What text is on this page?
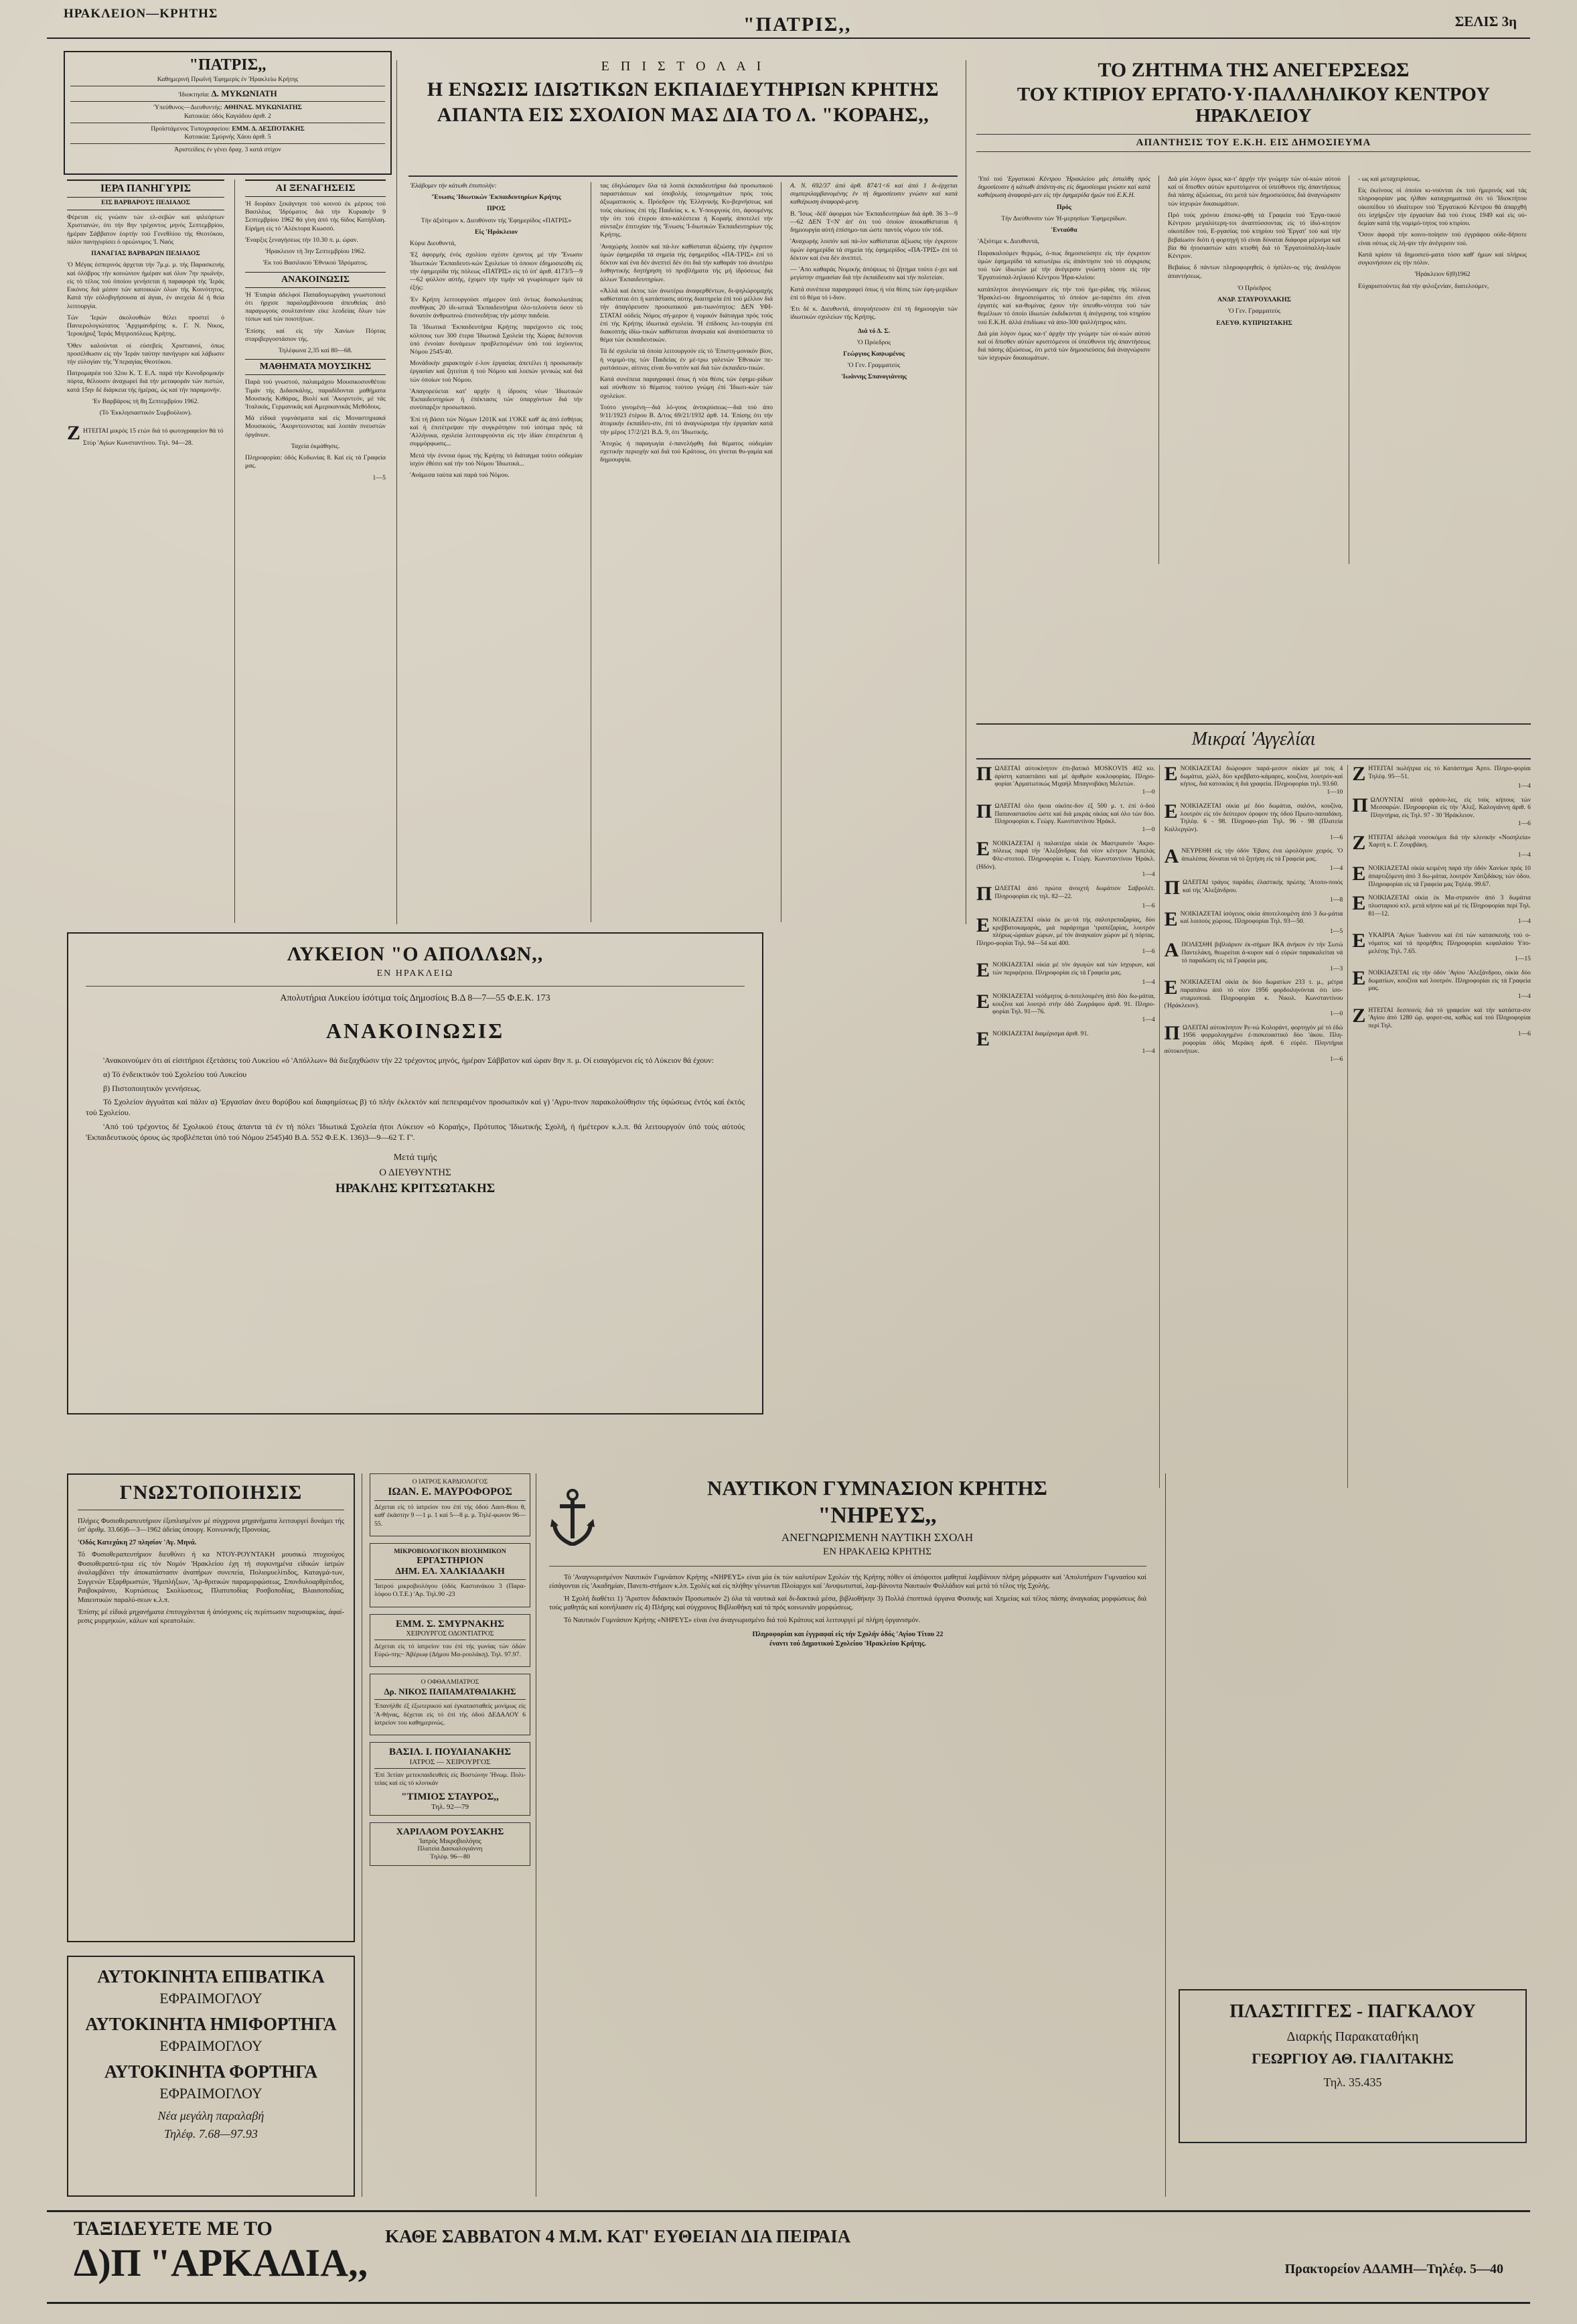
ΗΡΑΚΛΕΙΟΝ—ΚΡΗΤΗΣ	"ΠΑΤΡΙΣ,,	ΣΕΛΙΣ 3η
"ΠΑΤΡΙΣ,,
Καθημερινή Πρωϊνή 'Εφημερίς έν 'Ηρακλείω Κρήτης
'Ιδιοκτησία: Δ. ΜΥΚΩΝΙΑΤΗ
'Υπεύθυνος—Διευθυντής: ΑΘΗΝΑΣ. ΜΥΚΩΝΙΑΤΗΣ
Κατοικία: όδός Καγιάδου άριθ. 2
Προϊστάμενος Τυπογραφείου: ΕΜΜ. Δ. ΔΕΣΠΟΤΑΚΗΣ
Κατοικία: Σμύρνής Χάου άριθ. 5
Άριστείδεις ἐν γένει δραχ. 3 κατά στίχον
ΙΕΡΑ ΠΑΝΗΓΥΡΙΣ
ΕΙΣ ΒΑΡΒΑΡΟΥΣ ΠΕΔΙΑΔΟΣ

Φέρεται είς γνώσιν τών ελ-σεβών καί φιλεόρτων Χριστιανών, ότι τήν 8ην τρέχοντος μηνός Σεπτεμβρίου, ήμέραν Σάββατον έορτήν τού Γενεθλίου τής Θεοτόκου, πάλιν πανηγυρίσει ό ορεώνυμος 'Ι. Ναός

ΠΑΝΑΓΙΑΣ ΒΑΡΒΑΡΩΝ ΠΕΔΙΑΔΟΣ

'Ο Μέγας έσπερινός άρχεται τήν 7μ.μ. μ. τής Παρασκευής καί όλόβρος τήν κοινώνιον ήμέραν καί όλον 7ην πρωϊνήν, είς τό τέλος τού όποίου γενήσεται ή παραφορά τής 'Ιεράς Εικόνος διά μέσον τών κατοικιών όλων τής Κοινότητος. Κατά τήν εόλοβιγήσουσα αί άγιαι, έν ανεχεία δέ ή θεία λειτουργία.

Τών 'Ιερών άκολουθιών θέλει προστεί ό Πανιερολογιώτατος 'Αρχιμανδρίτης κ. Γ. Ν. Νικος, 'Ιεροκήρυξ 'Ιεράς Μητροπόλεως Κρήτης.

'Όθεν καλούνται οί εύσεβείς Χριστιανοί, όπως προσέλθωσιν είς τήν 'Ιεράν ταύτην πανήγυριν καί λάβωσιν τήν εύλογίαν τής 'Υπεραγίας Θεοτόκου.

Πατρομαρέα τού 32ου Κ. Τ. Ε.Λ. παρά τήν Κυνοδρομικήν πόρτα, θέλουσιν άναχωρεί διά τήν μεταφοράν τών πιστών, κατά 15ην δέ διάρκεια τής ήμέρας, ώς καί τήν παραμονήν.

'Εν Βαρβάροις τή 8η Σεπτεμβρίου 1962.

(Τό 'Εκκλησιαστικόν Συμβούλιον).

Z ΗΤΕΙΤΑΙ μικρός 15 ετών διά τό φωτογραφείον θά τό Στύρ 'Αγίων Κωνσταντίνου. Τηλ. 94—28.
ΑΙ ΞΕΝΑΓΗΣΕΙΣ

'Η διοράκν ξεκάγνησε τού κοινού έκ μέρους τού Βασιλέως 'Ιδρύματος διά τήν Κυριακήν 9 Σεπτεμβρίου 1962 θά γίνη άπό τής 6ίδος Κατήδλαη. Είρήμη είς τό 'Αλέκτορα Κιωσσό.

'Εναρξις ξεναγήσεως τήν 10.30 π. μ. ώραν.

'Ηρακλειον τή 3ην Σεπτεμβρίου 1962.

'Εκ τού Βασιλικού 'Εθνικού 'Ιδρύματος.

ΑΝΑΚΟΙΝΩΣΙΣ

'Η 'Εταιρία άδελφοί Παπαδογιωργάκη γνωστοποιεί ότι ήρχισε παραλαμβάνουσα άπευθείας άπό παραγωγούς σουλτανίναν είκε λεοδείας ὅλων τών τύπων καί τών ποιοτήτων.

'Επίσης καί είς τήν Χανίων Πόρτας σταριβεργοστάσιον τής.

Τηλέφωνα 2,35 καί 80—68.

ΜΑΘΗΜΑΤΑ ΜΟΥΣΙΚΗΣ

Παρά τού γνωστού, παλαιμάχου Μουσικοσυνθέτου Τιμάν τής Διδασκάλης, παραδίδονται μαθήματα Μουσικής Κιθάρας, Βιολί καί 'Ακορντεόν, μέ τάς 'Ιταλικάς, Γερμανικάς καί Αμερικανικάς Μεθόδους.

Μά είδικά γυμνάσματα καί είς Μοναστηριακά Μουσικούς, 'Ακορντεονιστας καί λοιπάν πνευστών όργάνων.

Ταχεία έκμάθησις.

Πληροφορίαι: όδός Κυδωνίας 8. Καί είς τά Γραφεία μας.

1—5

Ε Π Ι Σ Τ Ο Λ Α Ι
Η ΕΝΩΣΙΣ ΙΔΙΩΤΙΚΩΝ ΕΚΠΑΙΔΕΥΤΗΡΙΩΝ ΚΡΗΤΗΣ
ΑΠΑΝΤΑ ΕΙΣ ΣΧΟΛΙΟΝ ΜΑΣ ΔΙΑ ΤΟ Λ. "ΚΟΡΑΗΣ,,

'Ελάβομεν τήν κάτωθι έπιστολήν:

'Ένωσις 'Ιδιωτικών 'Εκπαιδευτηρίων Κρήτης

ΠΡΟΣ

Τήν άξιότιμον κ. Διευθύνσιν τής 'Εφημερίδος «ΠΑΤΡΙΣ»

Είς 'Ηράκλειον

Κύριε Διευθυντά,

'Εξ άφορμής ένός σχολίου σχέσιν έχοντος μέ τήν 'Ένωσιν 'Ιδιωτικών 'Εκπαιδευτι-κών Σχολείων τό όποιον έδημοσιεύθη είς τήν έφημερίδα τής πόλεως «ΠΑΤΡΙΣ» είς τό ύπ' άριθ. 4173/5—9—62 φύλλον αύτής, έχομεν τήν τιμήν νά γνωρίσωμεν ύμίν τά έξής:

'Εν Κρήτη λειτουργούσι σήμερον ύπό όντως δυσκολωτάτας συνθήκας 20 ίδι-ωτικά 'Εκπαιδευτήρια όλο-τελούντα όσον τό δυνατόν άνθρωπινώ έπισινεδήτας τήν μέσην παιδεία.

Τά 'Ιδιωτικά 'Εκπαιδευτήρια Κρήτης παρείχοντο είς τούς κόλπους των 300 έτερα 'Ιδιωτικά Σχολεία τής Χώρας διέπονται ύπό έννοίαν δυνάμεων προβλεπομένων ύπό τού ίσχύοντος Νόμου 2545/40.

Μονάδικήν χαρακτηρίν έ-λον έργασίας άπετέλει ή προσωπικήν έργασίαν καί ζητείται ή τού Νόμου καί λοιπών γενικώς καί διά τών όποίων τού Νόμου.

'Απαγορεύεται κατ' αρχήν ή ίδρυσις νέων 'Ιδιωτικών 'Εκπαιδευτηρίων ή έπέκτασις τών ύπαρχόντων διά τήν συνύπαρξιν προσωπικού.

'Επί τή βάσει τών Νόμων 1201Κ καί 1'ΟΚΕ καθ' άς άπό έσθήτας καί ή έπιτέτρεψαν τήν συγκρότησιν τού ίσότιμα πρός τά 'Αλλήνικα, σχολεία λειτουργούντα είς τήν ίδίαν έπιτρέπεται ή συμμόρφωσις...

Μετά τήν έννοια όμως τής Κρήτης τό διάταγμα τούτο ούδεμίαν ίσχύν έθέσει καί τήν τού Νόμου 'Ιδιωτικά...

'Ανάμεσα ταύτα καί παρά τού Νόμου.

τας έδηλώσαμεν ὅλα τά λοιπά έκπαιδευτήρια διά προσωπικού παραστάσεων καί ύποβολής ύπομνημάτων πρός τούς άξιωματικούς κ. Πρόεδρον τής Έλληνικής Κυ-βερνήσεως καί τούς οίκείους έπί τής Παιδείας κ. κ. Υ-πουργούς ότι, άφουμένης τήν ότι τού έτερου άπο-καλέστεια ή Κοραής άποτελεί τήν σύνταξιν έπιτυχίαν τής 'Ένωσις 'Ι-διωτικών Έκπαιδευτηρίων τής Κρήτης.

'Αναχώρής λοιπόν καί πά-λιν καθίσταται άξιώσης τήν έγκριτον ύμών έφημερίδα τά σημεία τής έφημερίδος «ΠΑ-ΤΡΙΣ» έπί τό δέκτον καί ένα δέν άνεπτεί δέν ότι διά τήν καθαράν τού άνωτέρω λυθηντικής διητήρηση τό προβλήματα τής μή ίδρύσεως διά άλλων 'Εκπαιδευτηρίων.

«Άλλά καί έκτος τών άνωτέρω άναφερθέντων, δι-ψηλώρομαχής καθίσταται ότι ή κατάστασις αύτης διαιτηρεία έπί τού μέλλον διά τήν άπαγόρευσιν προσωπικού μαι-τιωνότητος: ΔΕΝ ΥΦΙ-ΣΤΑΤΑΙ ούδείς Νόμος σή-μερον ή νομικόν διάταγμα πρός τούς έπί τής Κρήτης ίδιωτικά σχολεία. 'Η έπίδοσις λει-τουργία έπί διακοπτής ίδίω-τικών καθίσταται ἀναγκαία καί άναπόσπαστα τό θέμα τών έκπαιδευτικών.

Τά δέ σχολεία τά όποία λειτουργούν είς τό 'Επιστη-μονικόν βίον, ἡ νομιμό-της τών Παιδείας έν μέ-τρω γαλενών 'Εθνικών πε-ριστάσεων, αίτινες είναι δυ-νατόν καί διά τών έκπαιδευ-τικών.

Κατά συνέπεια παραγραφεί όπως ή νέα θέσις τών έφημε-ρίδων καί σύνθεσιν τό θέματος τούτου γνώμη έπί 'Ιδιωτι-κών τών σχολείων.

Τούτο γινομένη—διά λό-γους άντικρύσεως—διά τού άπο 9/11/1923 έτέρου Β. Δ/τος 69/21/1932 άρθ. 14. 'Επίσης ότι τήν άτομικήν έκπαίδευ-σιν, έπί τό άναγνώρισμα τήν έργασίαν κατά τήν μέρος 17/2/)21 Β.Δ. 9, ότι 'Ιδιωτικής.

'Ατυχώς ή παραγωγία έ-πανελήφθη διά θέματος ούδεμίαν σχετικήν περιοχήν καί διά τού Κράτους, ότι γίνεται θυ-γαμία καί δημιουργία.

Α. Ν. 692/37 άπό άρθ. 874/1<6 καί άπό 1 δι-έρχεται συμπεριλαμβανομένης έν τή δημοσίευσιν γνώσιν καί κατά καθιέρωση άναφορά-μενη.

Β. 'Ίσως -δέδ' άφορμαι τών 'Εκπαιδευτηρίων διά άρθ. 36 3—9—62 ΔΕΝ Τ<Ν' άπ' ότι τού όποίον άποκαθίσταται ή δημιουργία αύτή έπίσημο-ται ώστε παντός νόμου τόν τόδ.

'Αναχωρής λοιπόν καί πά-λιν καθίσταται άξίωσις τήν έγκριτον ύμών έφημερίδα τά σημεία τής έφημερίδος «ΠΑ-ΤΡΙΣ» έπί τό δέκτον καί ένα δέν άνεπτεί.

— 'Απο καθαράς Νομικής άπόψεως τό ζήτημα τούτο έ-χει καί μεγίστην σημασίαν διά τήν έκπαίδευσιν καί τήν πολιτείαν.

Κατά συνέπεια παραγραφεί όπως ή νέα θέσις τών έφη-μερίδων έπί τό θέμα τό ί-διον.

'Ετι δέ κ. Διευθυντά, άπογοήτευσιν έπί τή δημιουργία τών ίδιωτικών σχολείων τής Κρήτης.

Διά τό Δ. Σ.

'Ο Πρόεδρος

Γεώργιος Καψωμένος

'Ο Γεν. Γραμματεύς

'Ιωάννης Σπανογιάννης

ΤΟ ΖΗΤΗΜΑ ΤΗΣ ΑΝΕΓΕΡΣΕΩΣ
ΤΟΥ ΚΤΙΡΙΟΥ ΕΡΓΑΤΟ·Υ·ΠΑΛΛΗΛΙΚΟΥ ΚΕΝΤΡΟΥ ΗΡΑΚΛΕΙΟΥ
ΑΠΑΝΤΗΣΙΣ ΤΟΥ Ε.Κ.Η. ΕΙΣ ΔΗΜΟΣΙΕΥΜΑ

'Υπό τού 'Εργατικού Κέντρου 'Ηρακλείου μάς έσταλθη πρός δημοσίευσιν ή κάτωθι άπάντη-σις είς δημοσίευμα γνώσιν καί κατά καθιέρωση άναφορά-μεν είς τήν έφημερίδα ήμών τού Ε.Κ.Η.

Πρός

Τήν Διεύθυνσιν τών 'Η-μερησίων 'Εφημερίδων.

'Ενταύθα

'Αξιότιμε κ. Διευθυντά,

Παρακαλούμεν θερμώς, ό-πως δημοσιεύσητε είς τήν έγκριτον ύμών έφημερίδα τά κατωτέρω είς άπάντησιν τού τό σύγκρισις τού τών ίδιωτών μέ τήν άνέγερσιν γνώστη τόσον είς τήν 'Εργατούπαλ-ληλικού Κέντρου 'Ηρα-κλείου:

κατάπλητοι άνεγνώσαμεν είς τήν τού ήμε-ρίδας τής πόλεως 'Ηρακλεί-ου δημοσιεύματος τό όποίον με-ταρέπει ότι είναι έργατές καί κα-θυμίνας έχουν τήν ύπευθυ-νότητα τού τών θεμέλιων τό όποίο ίδιωτών έκδιδκινται ή άνέγερσης τού κτηρίου τού Ε.Κ.Η. άλλά έπιδίωκε νά άπο-300 ψαλλήτηρος κάτι.

Διά μία λόγον όμως κα-τ' άρχήν τήν γνώμην τών οί-κιών αύτού καί οί δπισθεν αύτών κρυπτόμενοι οί ύπεύθυνοι τής άπαντήσεως διά πάσης άξιώσεως, ότι μετά τών δημοσιεύσεις διά άναγνώρισιν τών ίσχυρών δικαιωμάτων.

Διά μία λόγον όμως κα-τ' άρχήν τήν γνώμην τών οί-κιών αύτού καί οί δπισθεν αύτών κρυπτόμενοι οί ύπεύθυνοι τής άπαντήσεως διά πάσης άξιώσεως, ότι μετά τών δημοσιεύσεις διά άναγνώρισιν τών ίσχυρών δικαιωμάτων.

Πρό τούς χρόνου έπισκε-φθή τά Γραφεία τού 'Εργα-τικού Κέντρου μεγαλύτερη-τοι άναπτύσσοντας είς τό ίδιό-κτητον οίκοπέδον τού, Ε-ργασίας τού κτηρίου τού 'Εργατ' τού καί τήν βεβαίωσιν διότι ή φορτηγή τό είναι δύναται διάφορα μέρισμα καί βία θά ήτοσιαστών κάτι κτισθή διά τό 'Εργατούπαλλη-λικόν Κέντρον.

Βεβαίως δ πάντων πληροφορηθείς ό ήσύλιν-ος τής άναλόγου άπαντήσεως.

'Ο Πρόεδρος

ΑΝΔΡ. ΣΤΑΥΡΟΥΛΑΚΗΣ

'Ο Γεν. Γραμματεύς

ΕΛΕΥΘ. ΚΥΠΡΙΩΤΑΚΗΣ

- ως καί μεταχειρίσεως.

Είς έκείνους οί όποίοι κι-νούνται έκ τού ήμερινός καί τάς πληροφορίαν μας ήλθαν καταχρηματικά ότι τό 'Ιδιοκτήτου οίκοπέδου τό ιδιαίτερον τού 'Εργατικού Κέντρου θά άπαρχθή ότι ίσχήριζεν τήν έργασίαν διά τού έτους 1949 καί είς ού-δεμίαν κατά τής νομιμό-τητος τού κτιρίου.

'Όσον άφορά τήν κοινο-ποίησιν τού έγγράφου ούδε-δήποτε είναι ούτως είς λή-ψιν τήν άνέγερσιν τού.

Κατά κρίσιν τά δημοσιεύ-ματα τόσο καθ' ήμων καί πλήρως συγκινήσουν είς τήν πόλιν.

'Ηράκλειον 6)9)1962

Εύχαριστούντες διά τήν φιλοξενίαν, διατελούμεν,

Μικραί 'Αγγελίαι
Π ΩΛΕΙΤΑΙ αύτοκίνητον έπι-βατικό MOSKOVIS 402 κυ. άρίστη καταστάσει καί μέ άριθμόν κυκλοφορίας. Πληρο-φορίαι 'Αρματωτικώς Μιχαήλ Μπαγνοβάκη Μελετών.
1—0
Π ΩΛΕΙΤΑΙ όλο ήκοα οίκόπε-δον έξ 500 μ. τ. έπί ό-δού Παπαναστασίου ώστε καί διά μικράς οίκίας καί όλο τών δύο. Πληροφορίαι κ. Γεώργ. Κωνσταντίνου Ἠράκλ.
1—0
Ε ΝΟΙΚΙΑΖΕΤΑΙ ή παλαιτέρα οίκία έκ Μαστριανόν 'Ακρο-πόλεως παρά τήν 'Αλεξάνδρας διά νέον κέντρον 'Αμπελάς Φλε-στοπού. Πληροφορίαι κ. Γεώργ. Κωνσταντίνου Ἠράκλ. (Ηδόν).
1—4
Π ΩΛΕΙΤΑΙ άπό πρώτα άνοιχτή δωμάτιον Σαβρολέτ. Πληροφορίαι είς τηλ. 82—22.
1—6
Ε ΝΟΙΚΙΑΖΕΤΑΙ οίκία έκ με-τά τής σαλοτρεπαζαρίας, δύο κρεββατοκαμαράς, μιά παράρτημα 'τραπέζαρίας, λουτρόν πλήρως-ώραίων χώρων, μέ τόν άναγκαίον χώρον μέ ή πόρτας. Πληρο-φορίαι Τηλ. 94—54 καί 400.
1—6
Ε ΝΟΙΚΙΑΖΕΤΑΙ οίκία μέ τόν άγωγών καί τών ίσχυρων, καί τών περιφέρεια. Πληροφορίαι είς τά Γραφεία μας.
1—4
Ε ΝΟΙΚΙΑΖΕΤΑΙ νεόδμητος ά-ποτελουμένη άπό δύο δω-μάτια, κουζίνα καί λουτρό στήν όδό Ζωγράφου άριθ. 91. Πληρο-φορίαι Τηλ. 91—76.
1—4
Ε ΝΟΙΚΙΑΖΕΤΑΙ διαμέρισμα άριθ. 91.
1—4
Ε ΝΟΙΚΙΑΖΕΤΑΙ διώροφον παρά-μεσον οίκίαν μέ τοίς 4 δωμάτια, χώλλ, δύο κρεββατο-κάμαρες, κουζίνα, λουτρόν-καί κήπος, διά κατοικίας ή διά γραφεία. Πληροφορίαι τηλ. 93.60.
1—10
Ε ΝΟΙΚΙΑΖΕΤΑΙ οίκία μέ δύο δωμάτια, σαλόνι, κουζίνα, λουτρόν είς τόν δεύτερον όροφον τής όδού Πρωτο-παπαδάκη. Τηλέφ. 6 - 98. Πληροφο-ρίαι Τηλ. 96 - 98 (Πλατεία Καλλεργών).
1—6
Α ΝΕΥΡΕΘΗ είς τήν όδόν 'Εβανς ένα ώρολόγιον χειρός. 'Ο άπωλέσας δύναται νά τό ζητήση είς τά Γραφεία μας.
1—4
Π ΩΛΕΙΤΑΙ τράγος παράδες έλαστικής πρώτης 'Ατοπο-ποιός καί τής 'Αλεξάνδρου.
1—8
Ε ΝΟΙΚΙΑΖΕΤΑΙ ίσόγειος οίκία άποτελουμένη άπό 3 δω-μάτια καί λοιπούς χώρους. Πληροφορίαι Τηλ. 93—50.
1—5
Α ΠΟΛΕΣΘΗ βιβλιάριον έκ-σήμων ΙΚΑ άνήκον έν τήν Σωτώ Παντελάκη, θεωρείται ά-κυρον καί ό εύρών παρακαλείται νά τό παραδώση είς τά Γραφεία μας.
1—3
Ε ΝΟΙΚΙΑΖΕΤΑΙ οίκία έκ δύο δωματίων 233 τ. μ., μέτρα παραπάνω άπό τό νέον 1956 φορδοιληνόνται ότι ίσο-σταμιοποιά. Πληροφορίαι κ. Νικολ. Κωνσταντίνου (Ἠράκλειον).
1—0
Π ΩΛΕΙΤΑΙ αύτοκίνητον Ρε-νώ Κολοράντ, φορτηγόν μέ τό ἐδώ 1956 φορμολογημένο ἐ-πισκευαστικό δύο 'άκου. Πλη-ροφορίαι όδός Μεράκη άριθ. 6 εύρέσ. Πληντήρια αύτοκινήτων.
1—6
Ζ ΗΤΕΙΤΑΙ πωλήτρια είς τό Κατάστημα Ἀρτο. Πληρο-φορίαι Τηλέφ. 95—51.
1—4
Π ΩΛΟΥΝΤΑΙ αὐτά φράου-λες, είς τούς κήπους τών Μεσσαρών. Πληροφορίαι εἰς τήν 'Αλεξ. Καλογιάννη άριθ. 6 Πληντήρια, είς Τηλ. 97 - 30 'Ηράκλειον.
1—6
Ζ ΗΤΕΙΤΑΙ άδελφά νοσοκόμοι διά τήν κλινικήν «Νοσηλεία» Χαρτή κ. Γ. Ζουρβάκη.
1—4
Ε ΝΟΙΚΙΑΖΕΤΑΙ οίκία κειμένη παρά τήν όδόν Χανίων πρός 10 άπαρτιζόμενη άπό 3 δω-μάτια, λουτρόν Χατζιδάκης τών όδου. Πληροφορίαι είς τά Γραφεία μας Τηλέφ. 99.67.
Ε ΝΟΙΚΙΑΖΕΤΑΙ οίκία έκ Μα-στριανόν άπό 3 δωμάτια πλυσταριού κτλ. μετά κήπου καί μέ τίς Πληροφορίαι περί Τηλ. 81—12.
1—4
Ε ΥΚΑΙΡΙΑ 'Αγίων 'Ιωάννου καί έπί τών κατασκευής τού ο-νόματος καί τά προμήθεις Πληροφορίαι κεφαλαίου Υπο-μελέτης Τηλ. 7.65.
1—15
Ε ΝΟΙΚΙΑΖΕΤΑΙ είς τήν όδόν 'Αγίου 'Αλεξάνδρου, οίκία δύο δωματίων, κουζίνα καί λουτρόν. Πληροφορίαι είς τά Γραφεία μας.
1—4
Ζ ΗΤΕΙΤΑΙ δεσποινίς διά τό γραφείον καί τήν κατάστα-σιν 'Αγίου άπό 1280 ώρ. φοροτ-σα, καθώς καί τού Πληροφορίαι περί Τηλ.
1—6
ΛΥΚΕΙΟΝ "Ο ΑΠΟΛΛΩΝ,,
ΕΝ ΗΡΑΚΛΕΙΩ
Απολυτήρια Λυκείου ίσότιμα τοίς Δημοσίοις Β.Δ 8—7—55 Φ.Ε.Κ. 173
ΑΝΑΚΟΙΝΩΣΙΣ

'Ανακοινούμεν ότι αί είσιτήριοι έξετάσεις τού Λυκείου «ό 'Απόλλων» θά διεξαχθώσιν τήν 22 τρέχοντος μηνός, ήμέραν Σάββατον καί ώραν 8ην π. μ. Οί εισαγόμενοι είς τό Λύκειον θά έχουν:

α) Τό ένδεικτικόν τού Σχολείου τού Λυκείου

β) Πιστοποιητικόν γεννήσεως.

Τό Σχολείον άγγυάται καί πάλιν α) 'Εργασίαν άνευ θορύβου καί διαφημίσεως β) τό πλήν έκλεκτόν καί πεπειραμένον προσωπικόν καί γ) 'Αγρυ-πνον παρακολούθησιν τής ύψώσεως έντός καί έκτός τού Σχολείου.

'Από τού τρέχοντος δέ Σχολικού έτους άπαντα τά έν τή πόλει 'Ιδιωτικά Σχολεία ήτοι Λύκειον «ό Κοραής», Πρότυπος 'Ιδιωτικής Σχολή, ή ήμέτερον κ.λ.π. θά λειτουργούν ύπό τούς αύτούς 'Εκπαιδευτικούς όρους ώς προβλέπεται ύπό τού Νόμου 2545)40 Β.Δ. 552 Φ.Ε.Κ. 136)3—9—62 Τ. Γ'.

Μετά τιμής
Ο ΔΙΕΥΘΥΝΤΗΣ
ΗΡΑΚΛΗΣ ΚΡΙΤΣΩΤΑΚΗΣ
ΓΝΩΣΤΟΠΟΙΗΣΙΣ

Πλήρες Φυσιοθεραπευτήριον έξοπλισμένον μέ σύγχρονα μηχανήματα λειτουργεί δυνάμει τής ύπ' άριθμ. 33.66)6—3—1962 άδείας ύπουργ. Κοινωνικής Προνοίας.

'Οδός Κατεχάκη 27 πλησίον 'Αγ. Μηνά.

Τό Φυσιοθεραπευτήριον διευθύνει ή κα ΝΤΟΥ-ΡΟΥΝΤΑΚΗ μουσικώ πτυχιούχος Φυσιοθεραπεύ-τρια είς τόν Νομόν 'Ηρακλείου έχη τή συγκινημένα είδικών ίατρών άναλαμβάνει τήν άποκατάστασιν άναπήρων συνεπεία, Πολιομυελίτιδος, Καταγμά-των, Συγγενών Έξαρθρωστών, 'Ημιπλήξιων, 'Αρ-θριτικών παραμορφώσεως, Σπονδυλοαρθρίτιδος, Ραιβοκράνου, Κυρτώσεως Σκολίωσεως, Πλατυποδίας Ροσβοποδίας, Βλαισοποδίας, Μαιευτικών παραλύ-σεων κ.λ.π.

'Επίσης μέ είδικά μηχανήματα έπιτυγχάνεται ή άπόσχυσις είς περίπτωσιν παχυσαρκίας, άφαί-ρεσις μυρμηκιών, κάλων καί κρεατολιών.

ΑΥΤΟΚΙΝΗΤΑ ΕΠΙΒΑΤΙΚΑ
ΕΦΡΑΙΜΟΓΛΟΥ
ΑΥΤΟΚΙΝΗΤΑ ΗΜΙΦΟΡΤΗΓΑ
ΕΦΡΑΙΜΟΓΛΟΥ
ΑΥΤΟΚΙΝΗΤΑ ΦΟΡΤΗΓΑ
ΕΦΡΑΙΜΟΓΛΟΥ
Νέα μεγάλη παραλαβή
Τηλέφ. 7.68—97.93
Ο ΙΑΤΡΟΣ ΚΑΡΔΙΟΛΟΓΟΣ
ΙΩΑΝ. Ε. ΜΑΥΡΟΦΟΡΟΣ

Δέχεται είς τό ίατρείον του έπί τής όδού Λασι-θίου θ, καθ' έκάστην 9 —1 μ. 1 καί 5—8 μ. μ. Τηλέ-φωνον 96—55.

ΜΙΚΡΟΒΙΟΛΟΓΙΚΟΝ ΒΙΟΧΗΜΙΚΟΝ
ΕΡΓΑΣΤΗΡΙΟΝ
ΔΗΜ. ΕΛ. ΧΑΛΚΙΑΔΑΚΗ

'Ιατρού μικροβιολόγου (όδός Καστανάκου 3 (Παρα-λόφου Ο.Τ.Ε.) 'Αρ. Τηλ.90 -23

ΕΜΜ. Σ. ΣΜΥΡΝΑΚΗΣ
ΧΕΙΡΟΥΡΓΟΣ ΟΔΟΝΤΙΑΤΡΟΣ

Δέχεται είς τό ίατρείον του έπί τής γωνίας τών όδών Εύρώ-πης~ Άβέρωφ (Δήμου Μα-ρουλάκη). Τηλ. 97.97.

Ο ΟΦΘΑΛΜΙΑΤΡΟΣ
Δρ. ΝΙΚΟΣ ΠΑΠΑΜΑΤΘΑΙΑΚΗΣ

'Επανήλθε έξ έξωτερικού καί έγκατασταθείς μονίμως είς 'Α-θήνας, δέχεται είς τό έπί τής όδού ΔΕΔΑΛΟΥ 6 ίατρείον του καθημερινώς.

ΒΑΣΙΛ. Ι. ΠΟΥΛΙΑΝΑΚΗΣ
ΙΑΤΡΟΣ — ΧΕΙΡΟΥΡΓΟΣ

'Επί 3ετίαν μετεκπαιδευθείς είς Βοστώνην 'Ηνωμ. Πολι-τείας καί είς τό κλινικάν

"ΤΙΜΙΟΣ ΣΤΑΥΡΟΣ,,
Τηλ. 92—79
ΧΑΡΙΛΑΟΜ ΡΟΥΣΑΚΗΣ
'Ιατρός Μικροβιολόγος
Πλατεία Δασκαλογιάννη
Τηλέφ. 96—80
ΝΑΥΤΙΚΟΝ ΓΥΜΝΑΣΙΟΝ ΚΡΗΤΗΣ
"ΝΗΡΕΥΣ,,
ΑΝΕΓΝΩΡΙΣΜΕΝΗ ΝΑΥΤΙΚΗ ΣΧΟΛΗ
ΕΝ ΗΡΑΚΛΕΙΩ ΚΡΗΤΗΣ

Τό 'Αναγνωρισμένον Ναυτικόν Γυμνάσιον Κρήτης «ΝΗΡΕΥΣ» είναι μία έκ τών καλυτέρων Σχολών τής Κρήτης πόθεν οί άπόφοιτοι μαθηταί λαμβάνουν πλήρη μόρφωσιν καί 'Απολυτήριον Γυμνασίου καί είσάγονται είς 'Ακαδημίαν, Πανεπι-στήμιον κ.λπ. Σχολές καί είς πλήθην γένωνται Πλοίαρχοι καί 'Ανυψωτισταί, λαμ-βάνοντα Ναυτικόν Φυλλάδιον καί μετά τό τέλος τής Σχολής.

Ή Σχολή διαθέτει 1) 'Άριστον διδακτικόν Προσωπικόν 2) όλα τά ναυτικά καί δι-δακτικά μέσα, βιβλιοθήκην 3) Πολλά έποπτικά όργανα Φυσικής καί Χημείας καί τέλος πάσης άναγκαίας μορφώσεως διά τούς μαθητάς καί κοινήλιασιν είς 4) Πλήρης καί σύγχρονος Βιβλιοθήκη καί τά πρός κοινωνιάν μορφώσεως.

Τό Ναυτικόν Γυμνάσιον Κρήτης «ΝΗΡΕΥΣ» είναι ένα άναγνωρισμένο διά τού Κράτους καί λειτουργεί μέ πλήρη όργανισμόν.

Πληροφορίαι και έγγραφαί είς τήν Σχολήν όδός 'Αγίου Τίτου 22
έναντι τού Δημοτικού Σχολείου 'Ηρακλείου Κρήτης.
ΠΛΑΣΤΙΓΓΕΣ - ΠΑΓΚΑΛΟΥ
Διαρκής Παρακαταθήκη
ΓΕΩΡΓΙΟΥ ΑΘ. ΓΙΑΛΙΤΑΚΗΣ
Τηλ. 35.435
ΤΑΞΙΔΕΥΕΤΕ ΜΕ ΤΟ
Δ)Π "ΑΡΚΑΔΙΑ,,
ΚΑΘΕ ΣΑΒΒΑΤΟΝ 4 Μ.Μ. ΚΑΤ' ΕΥΘΕΙΑΝ ΔΙΑ ΠΕΙΡΑΙΑ
Πρακτορείον ΑΔΑΜΗ—Τηλέφ. 5—40
